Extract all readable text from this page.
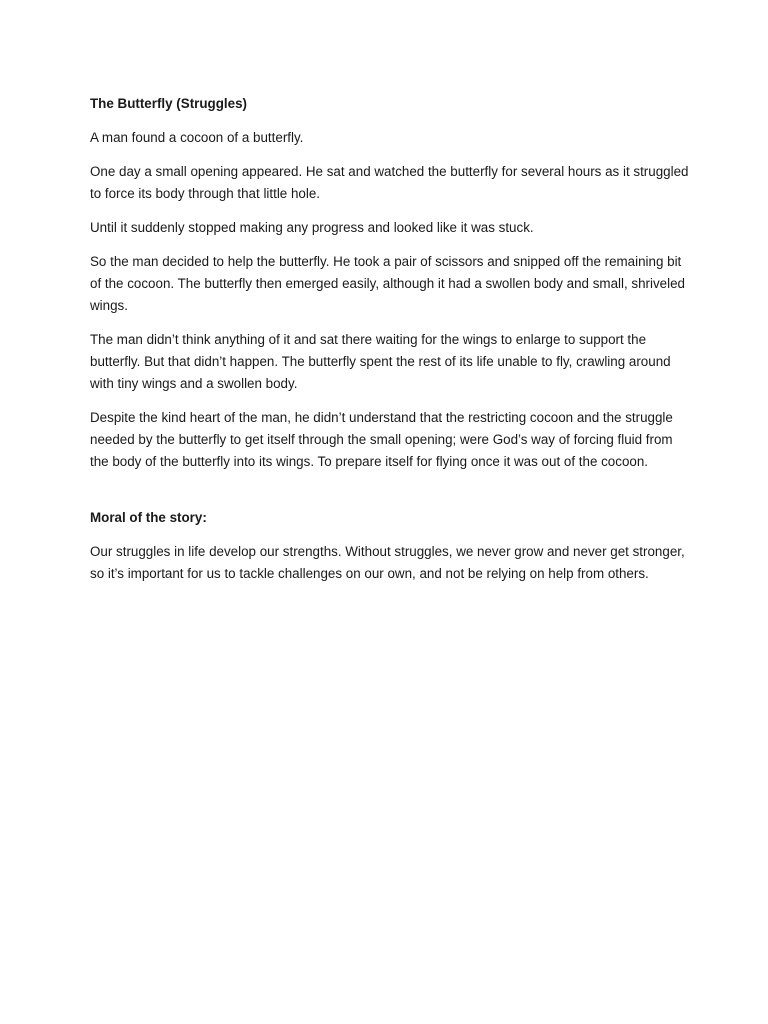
The Butterfly (Struggles)

A man found a cocoon of a butterfly.

One day a small opening appeared. He sat and watched the butterfly for several hours as it struggled to force its body through that little hole.

Until it suddenly stopped making any progress and looked like it was stuck.

So the man decided to help the butterfly. He took a pair of scissors and snipped off the remaining bit of the cocoon. The butterfly then emerged easily, although it had a swollen body and small, shriveled wings.

The man didn’t think anything of it and sat there waiting for the wings to enlarge to support the butterfly. But that didn’t happen. The butterfly spent the rest of its life unable to fly, crawling around with tiny wings and a swollen body.

Despite the kind heart of the man, he didn’t understand that the restricting cocoon and the struggle needed by the butterfly to get itself through the small opening; were God’s way of forcing fluid from the body of the butterfly into its wings. To prepare itself for flying once it was out of the cocoon.

Moral of the story:

Our struggles in life develop our strengths. Without struggles, we never grow and never get stronger, so it’s important for us to tackle challenges on our own, and not be relying on help from others.
